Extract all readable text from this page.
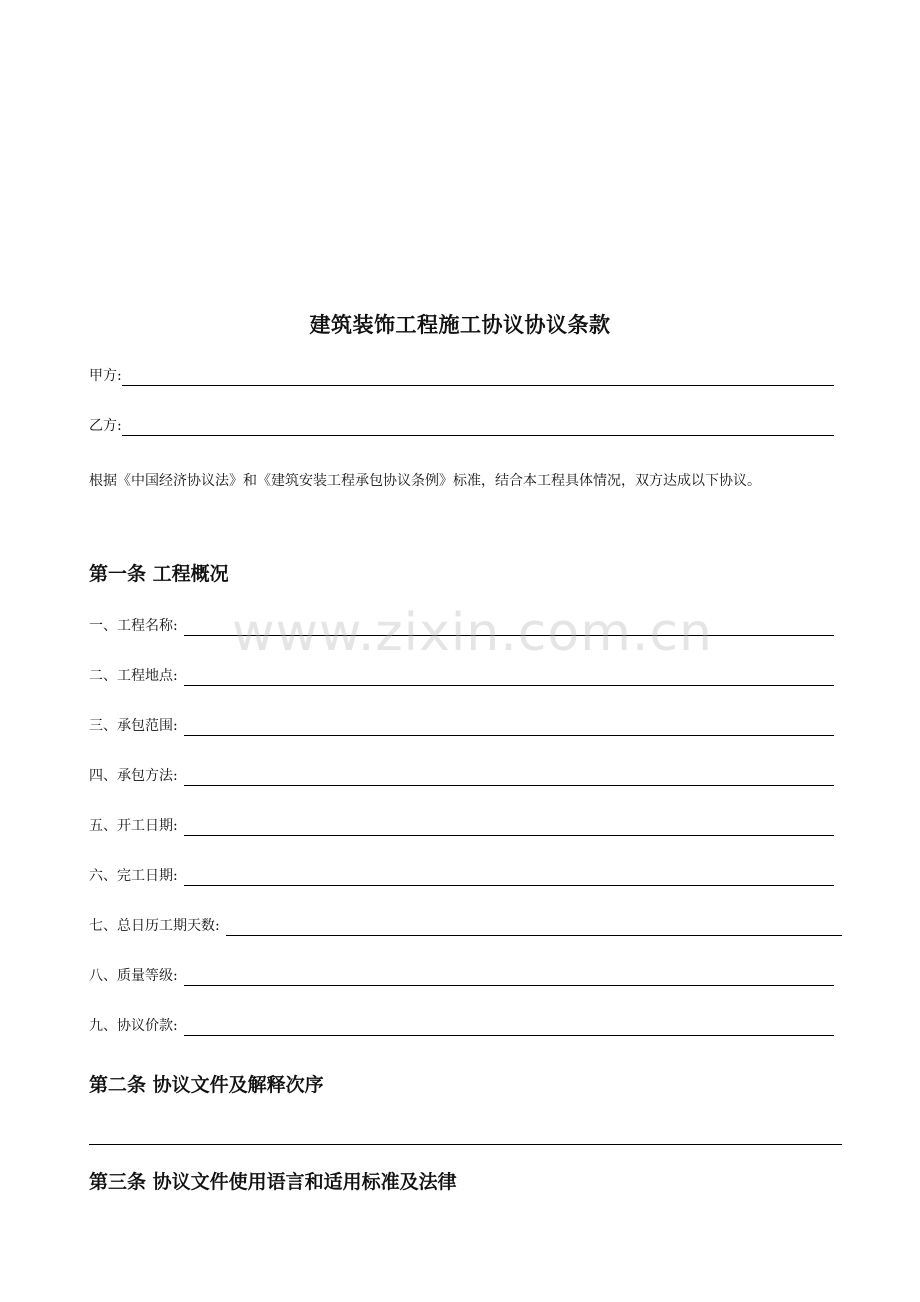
建筑装饰工程施工协议协议条款
甲方:
乙方:
根据《中国经济协议法》和《建筑安装工程承包协议条例》标准，结合本工程具体情况，双方达成以下协议。
第一条 工程概况
一、工程名称:
二、工程地点:
三、承包范围:
四、承包方法:
五、开工日期:
六、完工日期:
七、总日历工期天数:
八、质量等级:
九、协议价款:
第二条 协议文件及解释次序
第三条 协议文件使用语言和适用标准及法律
www.zixin.com.cn
